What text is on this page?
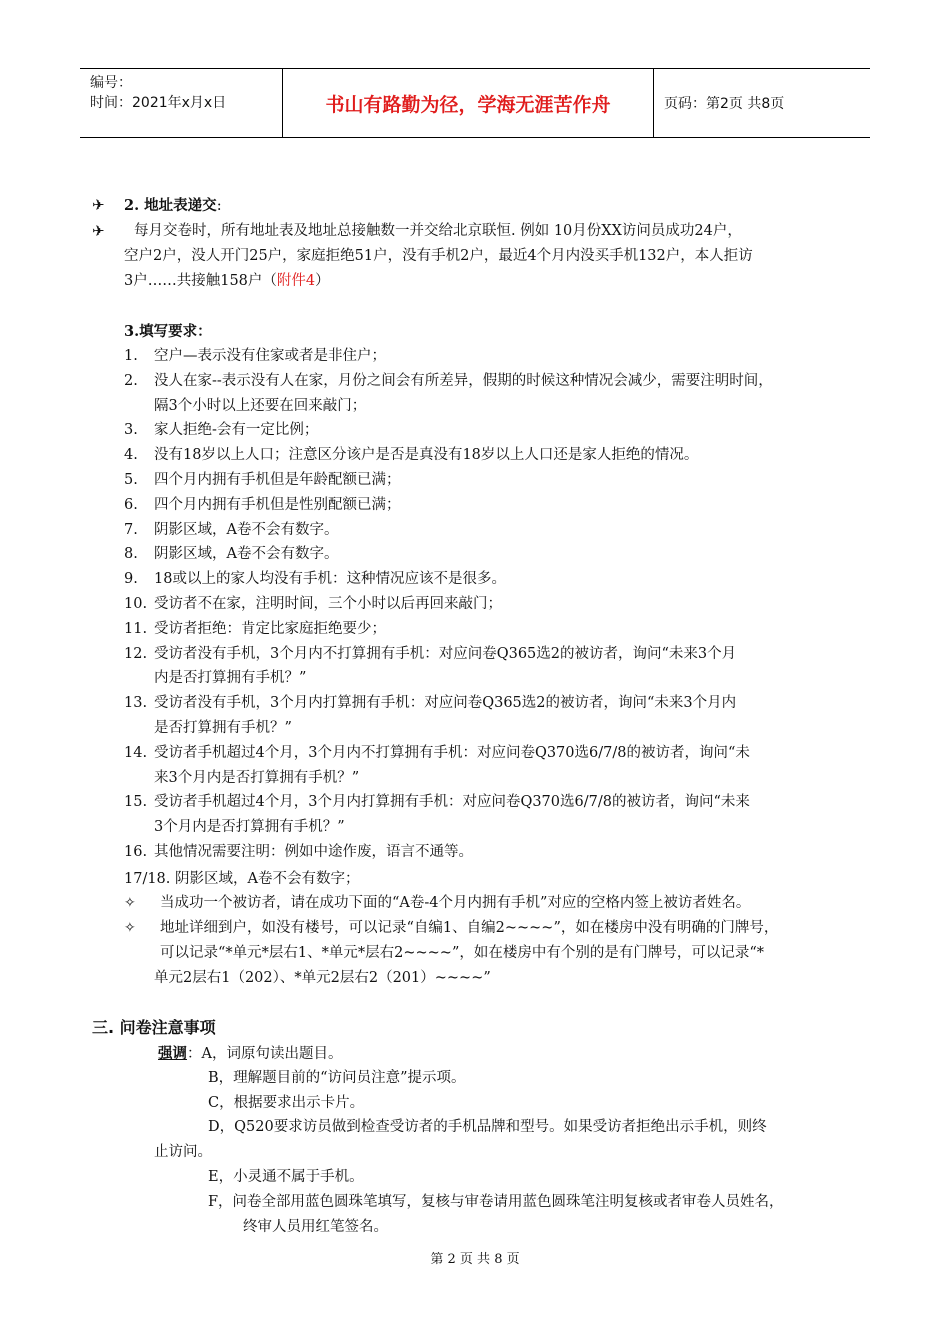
编号：
时间：2021年x月x日	书山有路勤为径，学海无涯苦作舟	页码：第2页 共8页
✈ 2. 地址表递交:
✈ 每月交卷时，所有地址表及地址总接触数一并交给北京联恒. 例如 10月份XX访问员成功24户，
空户2户，没人开门25户，家庭拒绝51户，没有手机2户，最近4个月内没买手机132户，本人拒访
3户……共接触158户（附件4）
3.填写要求：
1. 空户—表示没有住家或者是非住户；
2. 没人在家--表示没有人在家，月份之间会有所差异，假期的时候这种情况会减少，需要注明时间，
隔3个小时以上还要在回来敲门；
3. 家人拒绝-会有一定比例；
4. 没有18岁以上人口；注意区分该户是否是真没有18岁以上人口还是家人拒绝的情况。
5. 四个月内拥有手机但是年龄配额已满；
6. 四个月内拥有手机但是性别配额已满；
7. 阴影区域，A卷不会有数字。
8. 阴影区域，A卷不会有数字。
9. 18或以上的家人均没有手机：这种情况应该不是很多。
10. 受访者不在家，注明时间，三个小时以后再回来敲门；
11. 受访者拒绝：肯定比家庭拒绝要少；
12. 受访者没有手机，3个月内不打算拥有手机：对应问卷Q365选2的被访者，询问“未来3个月
内是否打算拥有手机？”
13. 受访者没有手机，3个月内打算拥有手机：对应问卷Q365选2的被访者，询问“未来3个月内
是否打算拥有手机？”
14. 受访者手机超过4个月，3个月内不打算拥有手机：对应问卷Q370选6/7/8的被访者，询问“未
来3个月内是否打算拥有手机？”
15. 受访者手机超过4个月，3个月内打算拥有手机：对应问卷Q370选6/7/8的被访者，询问“未来
3个月内是否打算拥有手机？”
16. 其他情况需要注明：例如中途作废，语言不通等。
17/18. 阴影区域，A卷不会有数字；
✧ 当成功一个被访者，请在成功下面的“A卷-4个月内拥有手机”对应的空格内签上被访者姓名。
✧ 地址详细到户，如没有楼号，可以记录“自编1、自编2~~~~”，如在楼房中没有明确的门牌号，
可以记录“*单元*层右1、*单元*层右2~~~~”，如在楼房中有个别的是有门牌号，可以记录“*
单元2层右1（202）、*单元2层右2（201）~~~~”
三. 问卷注意事项
强调：A，词原句读出题目。
B，理解题目前的“访问员注意”提示项。
C，根据要求出示卡片。
D，Q520要求访员做到检查受访者的手机品牌和型号。如果受访者拒绝出示手机，则终
止访问。
E，小灵通不属于手机。
F，问卷全部用蓝色圆珠笔填写，复核与审卷请用蓝色圆珠笔注明复核或者审卷人员姓名，
终审人员用红笔签名。
第 2 页 共 8 页
